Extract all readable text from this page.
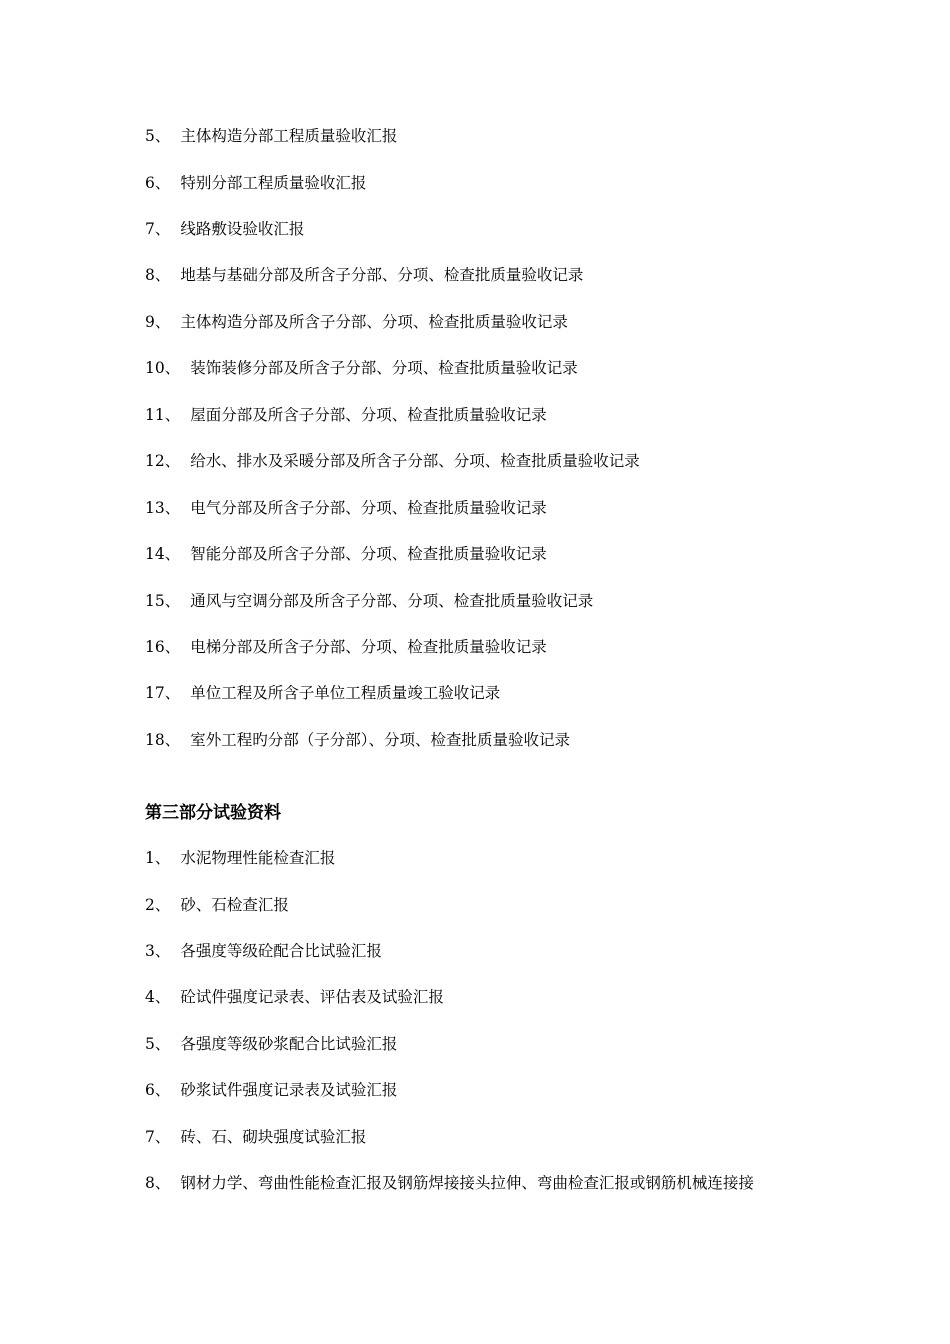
5、 主体构造分部工程质量验收汇报
6、 特别分部工程质量验收汇报
7、 线路敷设验收汇报
8、 地基与基础分部及所含子分部、分项、检查批质量验收记录
9、 主体构造分部及所含子分部、分项、检查批质量验收记录
10、 装饰装修分部及所含子分部、分项、检查批质量验收记录
11、 屋面分部及所含子分部、分项、检查批质量验收记录
12、 给水、排水及采暖分部及所含子分部、分项、检查批质量验收记录
13、 电气分部及所含子分部、分项、检查批质量验收记录
14、 智能分部及所含子分部、分项、检查批质量验收记录
15、 通风与空调分部及所含子分部、分项、检查批质量验收记录
16、 电梯分部及所含子分部、分项、检查批质量验收记录
17、 单位工程及所含子单位工程质量竣工验收记录
18、 室外工程旳分部（子分部）、分项、检查批质量验收记录
第三部分试验资料
1、 水泥物理性能检查汇报
2、 砂、石检查汇报
3、 各强度等级砼配合比试验汇报
4、 砼试件强度记录表、评估表及试验汇报
5、 各强度等级砂浆配合比试验汇报
6、 砂浆试件强度记录表及试验汇报
7、 砖、石、砌块强度试验汇报
8、 钢材力学、弯曲性能检查汇报及钢筋焊接接头拉伸、弯曲检查汇报或钢筋机械连接接
